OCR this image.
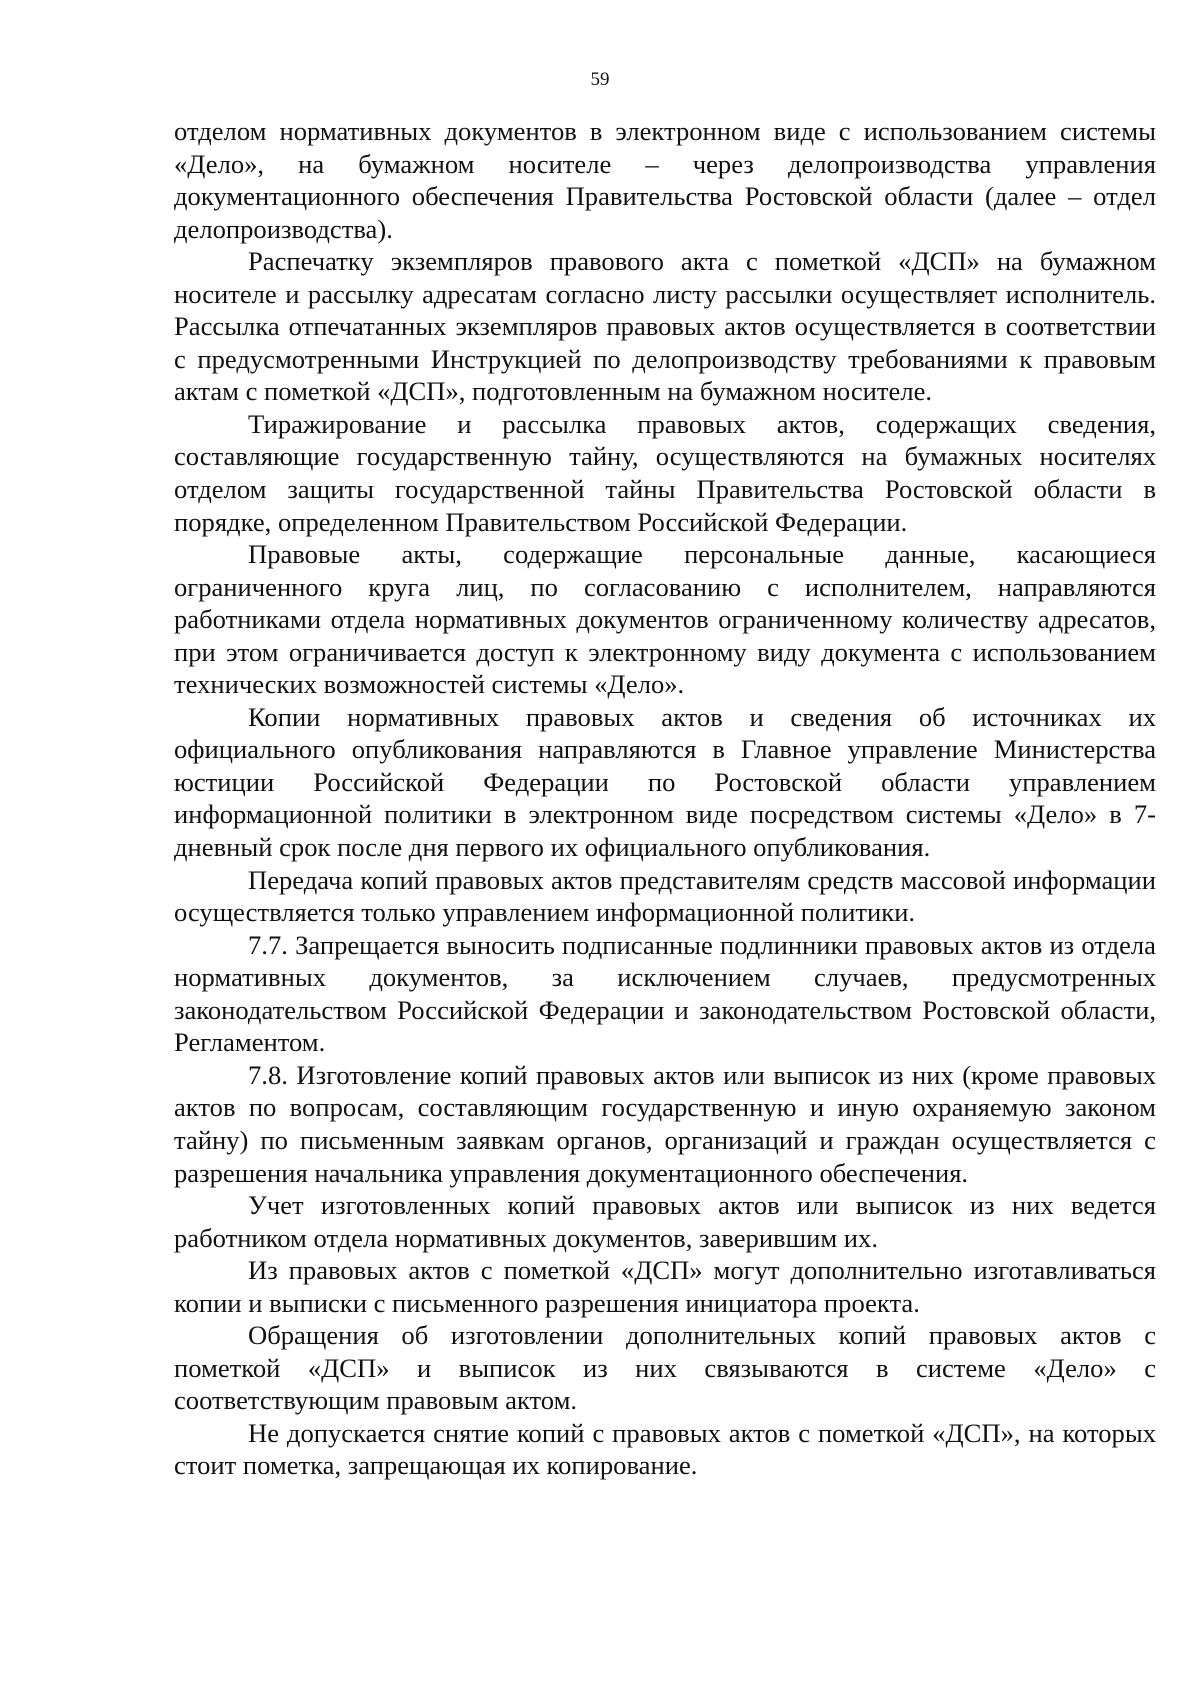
59

отделом нормативных документов в электронном виде с использованием системы «Дело», на бумажном носителе – через делопроизводства управления документационного обеспечения Правительства Ростовской области (далее – отдел делопроизводства).

Распечатку экземпляров правового акта с пометкой «ДСП» на бумажном носителе и рассылку адресатам согласно листу рассылки осуществляет исполнитель. Рассылка отпечатанных экземпляров правовых актов осуществляется в соответствии с предусмотренными Инструкцией по делопроизводству требованиями к правовым актам с пометкой «ДСП», подготовленным на бумажном носителе.

Тиражирование и рассылка правовых актов, содержащих сведения, составляющие государственную тайну, осуществляются на бумажных носителях отделом защиты государственной тайны Правительства Ростовской области в порядке, определенном Правительством Российской Федерации.

Правовые акты, содержащие персональные данные, касающиеся ограниченного круга лиц, по согласованию с исполнителем, направляются работниками отдела нормативных документов ограниченному количеству адресатов, при этом ограничивается доступ к электронному виду документа с использованием технических возможностей системы «Дело».

Копии нормативных правовых актов и сведения об источниках их официального опубликования направляются в Главное управление Министерства юстиции Российской Федерации по Ростовской области управлением информационной политики в электронном виде посредством системы «Дело» в 7-дневный срок после дня первого их официального опубликования.

Передача копий правовых актов представителям средств массовой информации осуществляется только управлением информационной политики.

7.7. Запрещается выносить подписанные подлинники правовых актов из отдела нормативных документов, за исключением случаев, предусмотренных законодательством Российской Федерации и законодательством Ростовской области, Регламентом.

7.8. Изготовление копий правовых актов или выписок из них (кроме правовых актов по вопросам, составляющим государственную и иную охраняемую законом тайну) по письменным заявкам органов, организаций и граждан осуществляется с разрешения начальника управления документационного обеспечения.

Учет изготовленных копий правовых актов или выписок из них ведется работником отдела нормативных документов, заверившим их.

Из правовых актов с пометкой «ДСП» могут дополнительно изготавливаться копии и выписки с письменного разрешения инициатора проекта.

Обращения об изготовлении дополнительных копий правовых актов с пометкой «ДСП» и выписок из них связываются в системе «Дело» с соответствующим правовым актом.

Не допускается снятие копий с правовых актов с пометкой «ДСП», на которых стоит пометка, запрещающая их копирование.
